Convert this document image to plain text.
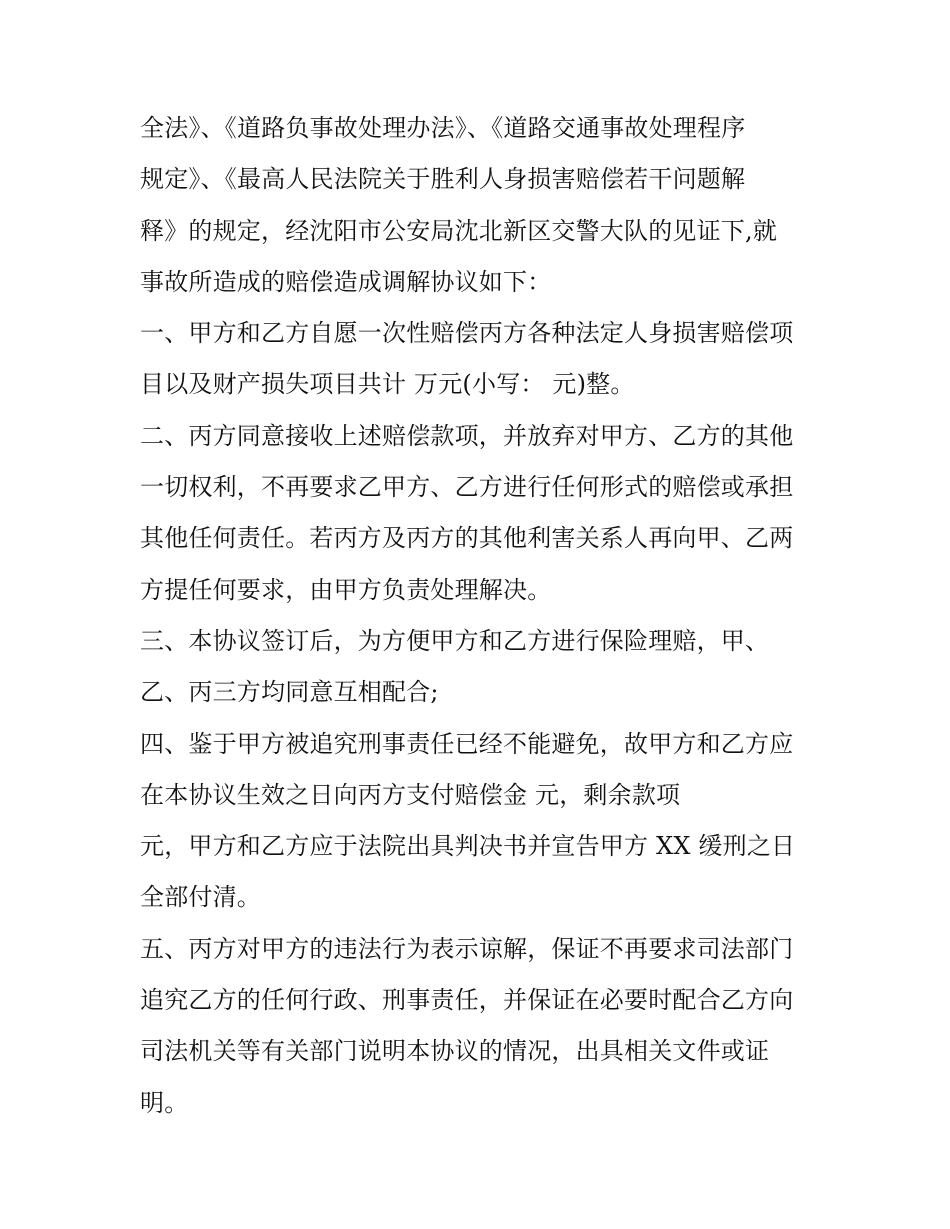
全法》、《道路负事故处理办法》、《道路交通事故处理程序
规定》、《最高人民法院关于胜利人身损害赔偿若干问题解
释》的规定，经沈阳市公安局沈北新区交警大队的见证下,就
事故所造成的赔偿造成调解协议如下：
一、甲方和乙方自愿一次性赔偿丙方各种法定人身损害赔偿项
目以及财产损失项目共计 万元(小写： 元)整。
二、丙方同意接收上述赔偿款项，并放弃对甲方、乙方的其他
一切权利，不再要求乙甲方、乙方进行任何形式的赔偿或承担
其他任何责任。若丙方及丙方的其他利害关系人再向甲、乙两
方提任何要求，由甲方负责处理解决。
三、本协议签订后，为方便甲方和乙方进行保险理赔，甲、
乙、丙三方均同意互相配合;
四、鉴于甲方被追究刑事责任已经不能避免，故甲方和乙方应
在本协议生效之日向丙方支付赔偿金 元，剩余款项
元，甲方和乙方应于法院出具判决书并宣告甲方 XX 缓刑之日
全部付清。
五、丙方对甲方的违法行为表示谅解，保证不再要求司法部门
追究乙方的任何行政、刑事责任，并保证在必要时配合乙方向
司法机关等有关部门说明本协议的情况，出具相关文件或证
明。
